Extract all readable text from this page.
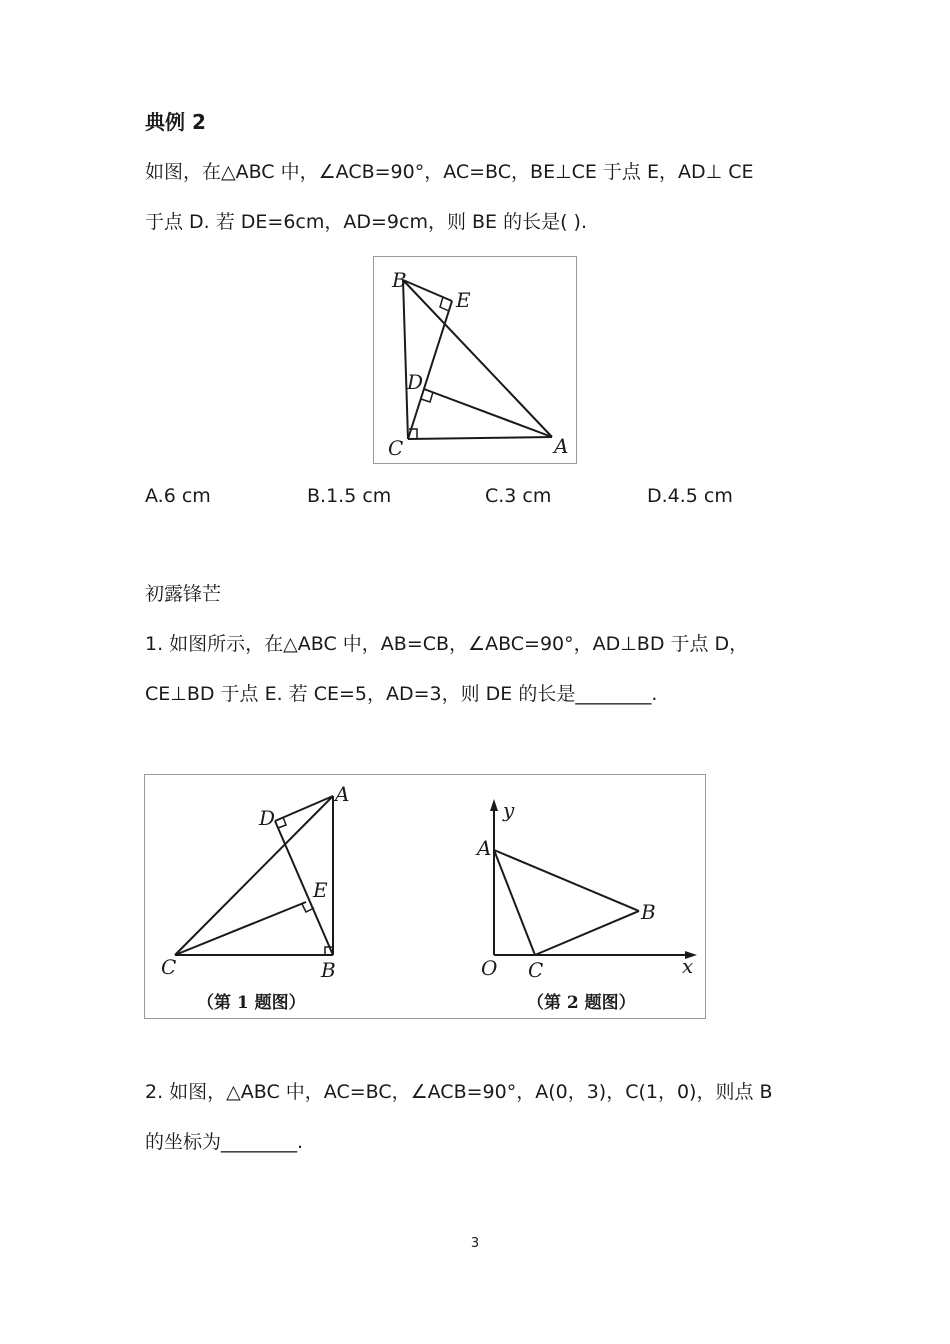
典例 2
如图，在△ABC 中，∠ACB=90°，AC=BC，BE⊥CE 于点 E，AD⊥ CE
于点 D. 若 DE=6cm，AD=9cm，则 BE 的长是( ).
B
E
D
C	A
A.6 cm	B.1.5 cm	C.3 cm	D.4.5 cm
初露锋芒
1. 如图所示，在△ABC 中，AB=CB，∠ABC=90°，AD⊥BD 于点 D，
CE⊥BD 于点 E. 若 CE=5，AD=3，则 DE 的长是________.
A
D
E
C	B
（第 1 题图）
y
A
B
O C	x
（第 2 题图）
2. 如图，△ABC 中，AC=BC，∠ACB=90°，A(0，3)，C(1，0)，则点 B
的坐标为________.
3
